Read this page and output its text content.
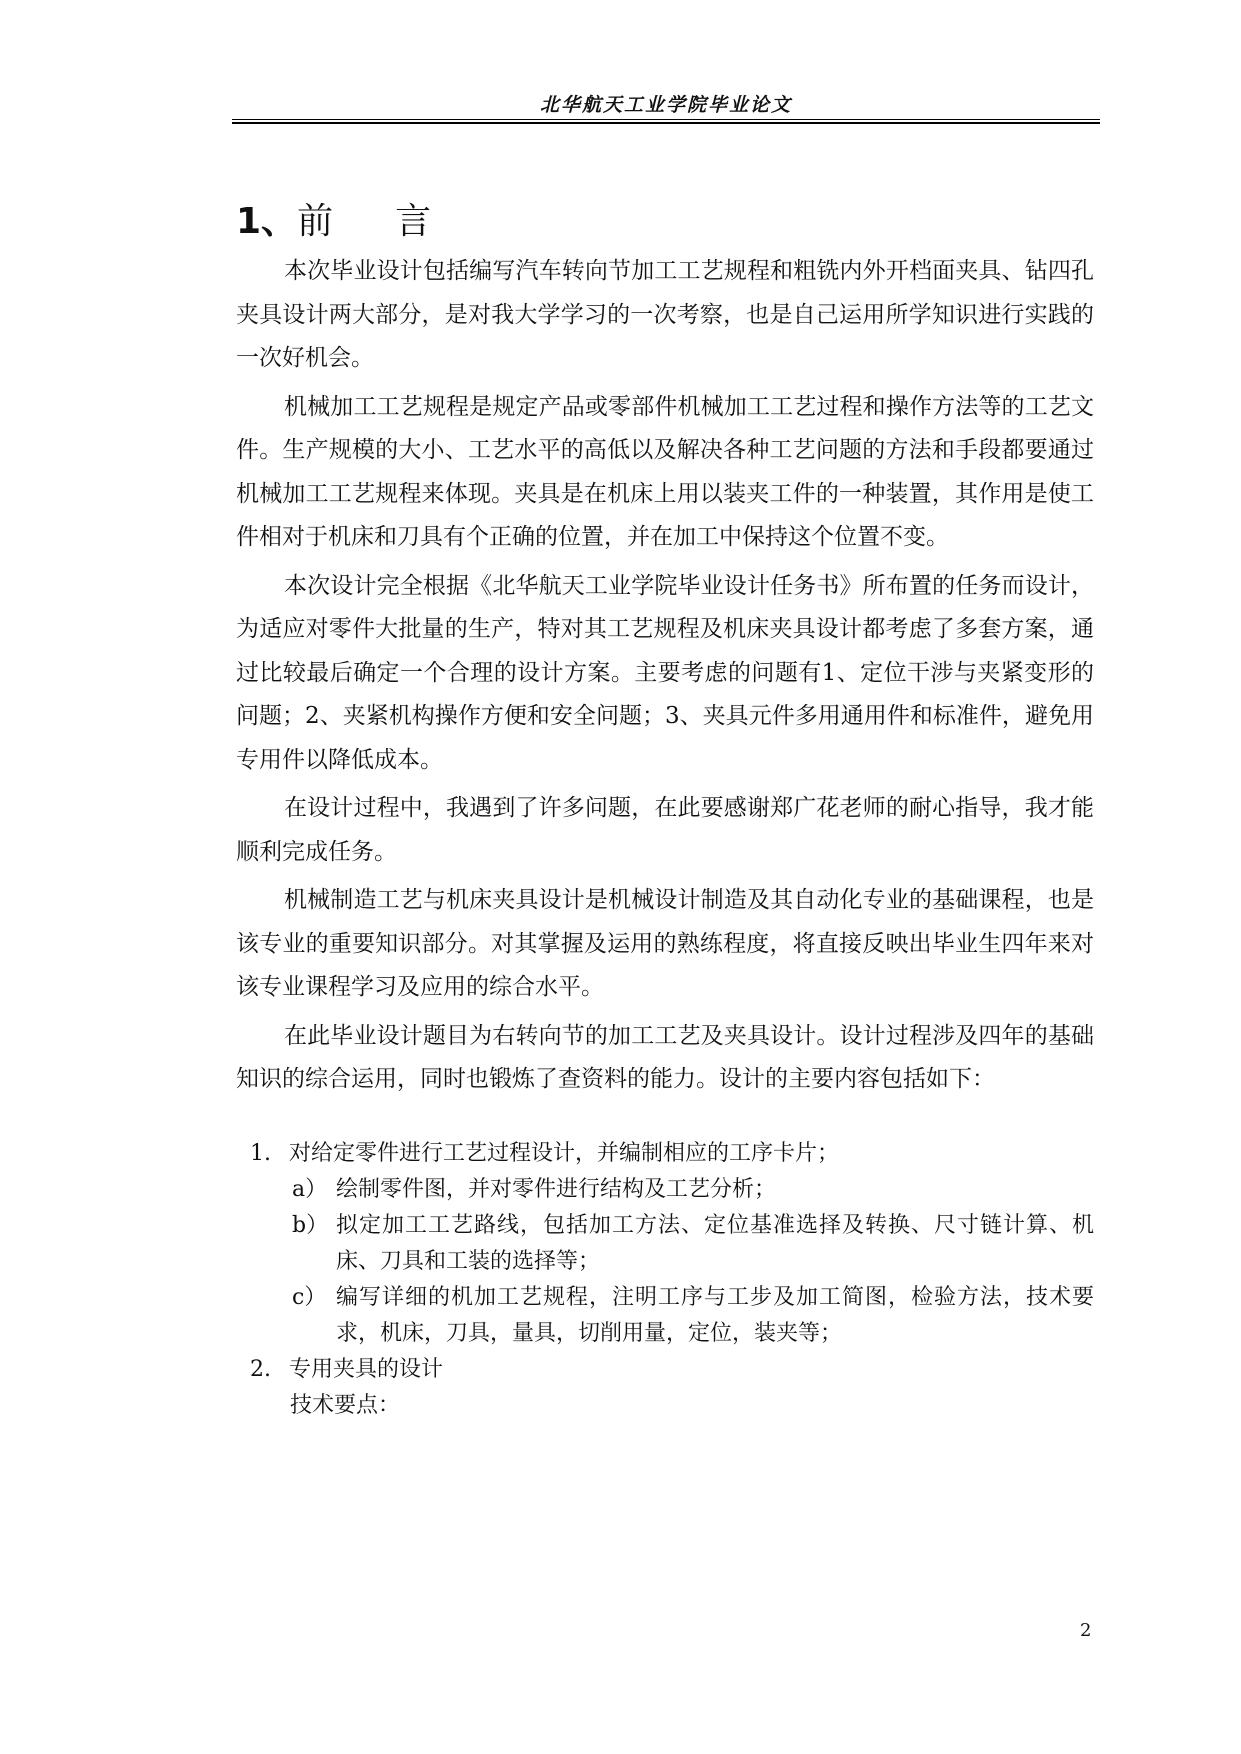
北华航天工业学院毕业论文
1、前 言

本次毕业设计包括编写汽车转向节加工工艺规程和粗铣内外开档面夹具、钻四孔夹具设计两大部分，是对我大学学习的一次考察，也是自己运用所学知识进行实践的一次好机会。

机械加工工艺规程是规定产品或零部件机械加工工艺过程和操作方法等的工艺文件。生产规模的大小、工艺水平的高低以及解决各种工艺问题的方法和手段都要通过机械加工工艺规程来体现。夹具是在机床上用以装夹工件的一种装置，其作用是使工件相对于机床和刀具有个正确的位置，并在加工中保持这个位置不变。

本次设计完全根据《北华航天工业学院毕业设计任务书》所布置的任务而设计，为适应对零件大批量的生产，特对其工艺规程及机床夹具设计都考虑了多套方案，通过比较最后确定一个合理的设计方案。主要考虑的问题有1、定位干涉与夹紧变形的问题；2、夹紧机构操作方便和安全问题；3、夹具元件多用通用件和标准件，避免用专用件以降低成本。

在设计过程中，我遇到了许多问题，在此要感谢郑广花老师的耐心指导，我才能顺利完成任务。

机械制造工艺与机床夹具设计是机械设计制造及其自动化专业的基础课程，也是该专业的重要知识部分。对其掌握及运用的熟练程度，将直接反映出毕业生四年来对该专业课程学习及应用的综合水平。

在此毕业设计题目为右转向节的加工工艺及夹具设计。设计过程涉及四年的基础知识的综合运用，同时也锻炼了查资料的能力。设计的主要内容包括如下：

1. 对给定零件进行工艺过程设计，并编制相应的工序卡片；
a） 绘制零件图，并对零件进行结构及工艺分析；
b） 拟定加工工艺路线，包括加工方法、定位基准选择及转换、尺寸链计算、机床、刀具和工装的选择等；
c） 编写详细的机加工艺规程，注明工序与工步及加工简图，检验方法，技术要求，机床，刀具，量具，切削用量，定位，装夹等；
2. 专用夹具的设计
技术要点：
2
